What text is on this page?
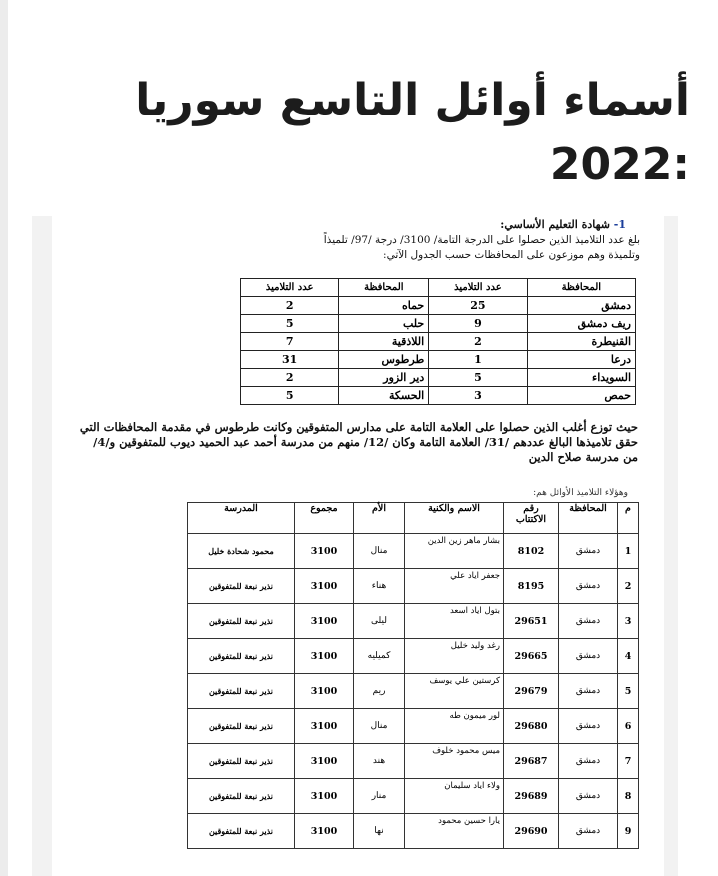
أسماء أوائل التاسع سوريا :2022
1- شهادة التعليم الأساسي:
بلغ عدد التلاميذ الذين حصلوا على الدرجة التامة/ 3100/ درجة /97/ تلميذاً
وتلميذة وهم موزعون على المحافظات حسب الجدول الآتي:
المحافظة	عدد التلاميذ	المحافظة	عدد التلاميذ
دمشق	25	حماه	2
ريف دمشق	9	حلب	5
القنيطرة	2	اللاذقية	7
درعا	1	طرطوس	31
السويداء	5	دير الزور	2
حمص	3	الحسكة	5
حيث توزع أغلب الذين حصلوا على العلامة التامة على مدارس المتفوقين وكانت طرطوس في مقدمة المحافظات التي حقق تلاميذها البالغ عددهم /31/ العلامة التامة وكان /12/ منهم من مدرسة أحمد عبد الحميد ديوب للمتفوقين و/4/ من مدرسة صلاح الدين
وهؤلاء التلاميذ الأوائل هم:
م	المحافظة	رقم الاكتتاب	الاسم والكنية	الأم	مجموع	المدرسة
1	دمشق	8102	بشار ماهر زين الدين	منال	3100	محمود شحادة خليل
2	دمشق	8195	جعفر اياد علي	هناء	3100	نذير نبعة للمتفوقين
3	دمشق	29651	بتول اياد اسعد	ليلى	3100	نذير نبعة للمتفوقين
4	دمشق	29665	رغد وليد خليل	كميليه	3100	نذير نبعة للمتفوقين
5	دمشق	29679	كرستين علي يوسف	ريم	3100	نذير نبعة للمتفوقين
6	دمشق	29680	لور ميمون طه	منال	3100	نذير نبعة للمتفوقين
7	دمشق	29687	ميس محمود خلوف	هند	3100	نذير نبعة للمتفوقين
8	دمشق	29689	ولاء اياد سليمان	منار	3100	نذير نبعة للمتفوقين
9	دمشق	29690	يارا حسين محمود	نها	3100	نذير نبعة للمتفوقين
